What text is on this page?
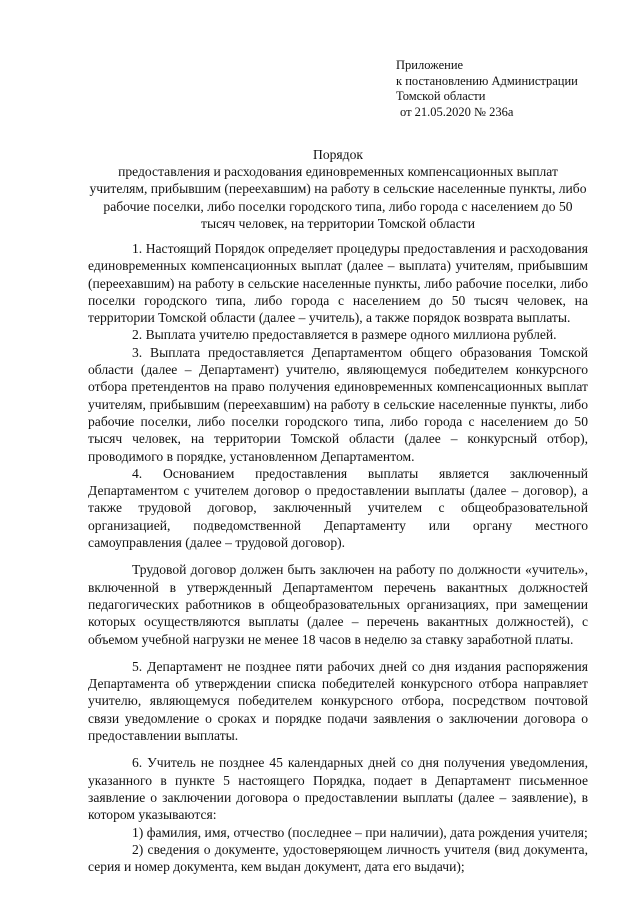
Приложение
к постановлению Администрации
Томской области
от 21.05.2020 № 236а
Порядок
предоставления и расходования единовременных компенсационных выплат учителям, прибывшим (переехавшим) на работу в сельские населенные пункты, либо рабочие поселки, либо поселки городского типа, либо города с населением до 50 тысяч человек, на территории Томской области

1. Настоящий Порядок определяет процедуры предоставления и расходования единовременных компенсационных выплат (далее – выплата) учителям, прибывшим (переехавшим) на работу в сельские населенные пункты, либо рабочие поселки, либо поселки городского типа, либо города с населением до 50 тысяч человек, на территории Томской области (далее – учитель), а также порядок возврата выплаты.

2. Выплата учителю предоставляется в размере одного миллиона рублей.

3. Выплата предоставляется Департаментом общего образования Томской области (далее – Департамент) учителю, являющемуся победителем конкурсного отбора претендентов на право получения единовременных компенсационных выплат учителям, прибывшим (переехавшим) на работу в сельские населенные пункты, либо рабочие поселки, либо поселки городского типа, либо города с населением до 50 тысяч человек, на территории Томской области (далее – конкурсный отбор), проводимого в порядке, установленном Департаментом.

4. Основанием предоставления выплаты является заключенный Департаментом с учителем договор о предоставлении выплаты (далее – договор), а также трудовой договор, заключенный учителем с общеобразовательной организацией, подведомственной Департаменту или органу местного самоуправления (далее – трудовой договор).

Трудовой договор должен быть заключен на работу по должности «учитель», включенной в утвержденный Департаментом перечень вакантных должностей педагогических работников в общеобразовательных организациях, при замещении которых осуществляются выплаты (далее – перечень вакантных должностей), с объемом учебной нагрузки не менее 18 часов в неделю за ставку заработной платы.

5. Департамент не позднее пяти рабочих дней со дня издания распоряжения Департамента об утверждении списка победителей конкурсного отбора направляет учителю, являющемуся победителем конкурсного отбора, посредством почтовой связи уведомление о сроках и порядке подачи заявления о заключении договора о предоставлении выплаты.

6. Учитель не позднее 45 календарных дней со дня получения уведомления, указанного в пункте 5 настоящего Порядка, подает в Департамент письменное заявление о заключении договора о предоставлении выплаты (далее – заявление), в котором указываются:

1) фамилия, имя, отчество (последнее – при наличии), дата рождения учителя;

2) сведения о документе, удостоверяющем личность учителя (вид документа, серия и номер документа, кем выдан документ, дата его выдачи);
